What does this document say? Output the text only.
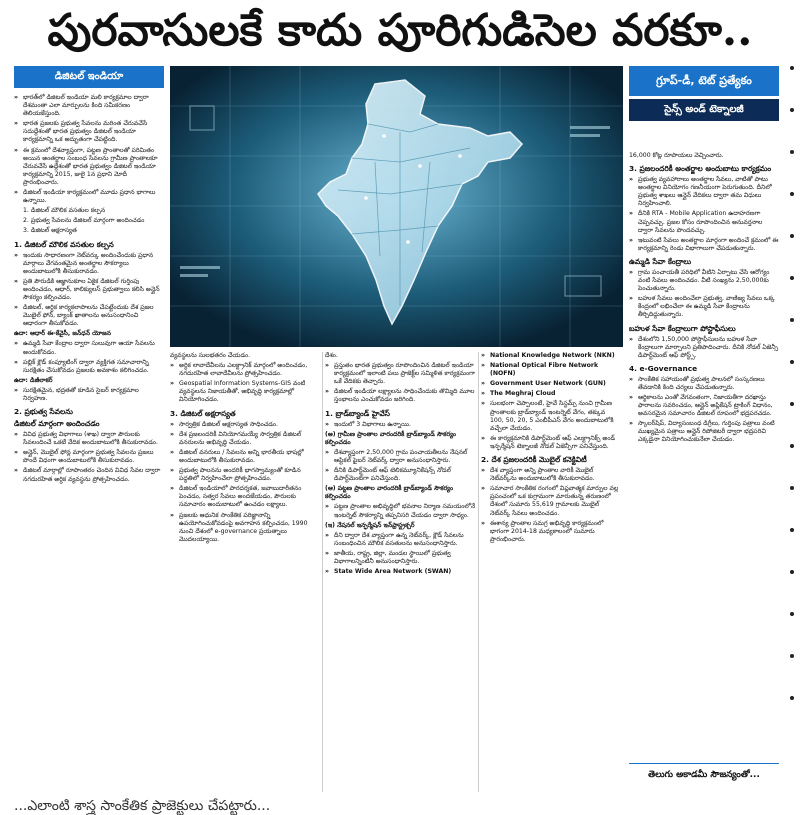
పురవాసులకే కాదు పూరిగుడిసెల వరకూ..
డిజిటల్‌ ఇండియా

» భారత్‌లో డిజిటల్‌ ఇండియా మలి కార్యక్రమాల ద్వారా దేశమంతా ఎలా మార్పులను కింది సమీకరణం తెలియజేస్తుంది.

» భారత ప్రజలకు ప్రభుత్వ సేవలను మరింత చేరువచేసే సదుద్దేశంతో భారత ప్రభుత్వం డిజిటల్‌ ఇండియా కార్యక్రమాన్ని ఒక అద్భుతంగా చేపట్టింది.

» ఈ క్రమంలో దేశవ్యాప్తంగా, పట్టణ ప్రాంతాలతో పరిమితం అయిన అంతర్జాల సంబంధ సేవలను గ్రామీణ ప్రాంతాలకూ చేరువచేసే ఉద్దేశంతో భారత ప్రభుత్వం డిజిటల్‌ ఇండియా కార్యక్రమాన్ని 2015, జులై 1న ప్రధాని మోదీ ప్రారంభించారు.

» డిజిటల్‌ ఇండియా కార్యక్రమంలో మూడు ప్రధాన భాగాలు ఉన్నాయి.

1. డిజిటల్‌ మౌలిక వసతుల కల్పన

2. ప్రభుత్వ సేవలను డిజిటల్‌ మార్గంగా అందించడం

3. డిజిటల్‌ అక్షరాస్యత

1. డిజిటల్‌ మౌలిక వసతుల కల్పన

» ఇందుకు సాధారణంగా నెట్‌వర్కు అందించేందుకు ప్రధాన మార్గాలు వేగవంతమైన అంతర్జాల సౌకర్యాలు అందుబాటులోకి తీసుకురావడం.

» ప్రతి పౌరుడికి ఆజ్ఞానుకూల ఏకైక డిజిటల్‌ గుర్తింపు అందించడం, ఆధార్‌, కాలిక్యులస్‌ ప్రభుత్వాలు కలిసి అన్లైన్‌ సౌకర్యం కల్పించడం.

» డిజిటల్‌, అర్ధిక కార్యకలాపాలను చేపట్టేందుకు దేశ ప్రజల మొబైల్‌ ఫోన్‌, బ్యాంక్‌ ఖాతాలను అనుసంధానించి ఆధారంగా తీసుకోవడం.

ఉదా: ఆధార్‌ ఈ-కేవైసీ, జన్‌ధన్‌ యోజన

» ఉమ్మడి సేవా కేంద్రాల ద్వారా సులువుగా ఆయా సేవలను అందుకోవడం.

» పబ్లిక్‌ క్లౌడ్‌ కంప్యూటింగ్‌ ద్వారా వ్యక్తిగత సమాచారాన్ని సురక్షితం చేసుకోవడం ప్రజలకు అవకాశం కలిగించడం.

ఉదా: డిజీలాకర్‌

» సురక్షితమైన, భద్రతతో కూడిన సైబర్‌ కార్యక్రమాల నిర్వహణ.

2. ప్రభుత్వ సేవలను
డిజిటల్‌ మార్గంగా అందించడం

» వివిధ ప్రభుత్వ విభాగాలు (శాఖ) ద్వారా పౌరులకు సేవలందించే ఒకటే వేదిక అందుబాటులోకి తీసుకురావడం.

» అన్లైన్‌, మొబైల్‌ ఫోన్ల మార్గంగా ప్రభుత్వ సేవలను ప్రజలు పొందే విధంగా అందుబాటులోకి తీసుకురావడం.

» డిజిటల్‌ మార్గాల్లో రూపాంతరం చెందిన వివిధ సేవల ద్వారా నగదురహిత అర్ధిక వ్యవస్థను ప్రోత్సహించడం.

వ్యవస్థలను సులభతరం చేయడం.

» అర్ధిక లావాదేవీలను ఎలక్ట్రానిక్‌ మార్గంలో అందించడం, నగదురహిత లావాదేవీలను ప్రోత్సహించడం.

» Geospatial Information Systems-GIS వంటి వ్యవస్థలను నిజాయతీతో, అభివృద్ధి కార్యక్రమాల్లో వినియోగించడం.

3. డిజిటల్‌ అక్షరాస్యత

» సార్వత్రిక డిజిటల్‌ అక్షరాస్యత సాధించడం.

» దేశ ప్రజలందరికీ వినియోగమయ్యే సార్వత్రిక డిజిటల్‌ వనరులను అభివృద్ధి చేయడం.

» డిజిటల్‌ వనరులు / సేవలను అన్ని భారతీయ భాషల్లో అందుబాటులోకి తీసుకురావడం.

» ప్రభుత్వ పాలనను అందరికీ భాగస్వామ్యంతో కూడిన పద్ధతిలో నిర్వహించేలా ప్రోత్సహించడం.

» డిజిటల్‌ ఇండియాలో పారదర్శకత, జవాబుదారీతనం పెంచడం, సత్వర సేవలు అందజేయడం, పౌరులకు సమాచారం అందుబాటులో ఉంచడం లక్ష్యాలు.

» ప్రజలకు ఆధునిక సాంకేతిక పరిజ్ఞానాన్ని ఉపయోగించుకోవడంపై అవగాహన కల్పించడం, 1990 నుంచి దేశంలో e-governance ప్రయత్నాలు మొదలయ్యాయి.

దేశం.

» ప్రస్తుతం భారత ప్రభుత్వం రూపొందించిన డిజిటల్‌ ఇండియా కార్యక్రమంలో ఇలాంటి పలు ప్రాజెక్ట్‌ల సమ్మిళిత కార్యక్రమంగా ఒకే వేదికకు తెచ్చారు.

» డిజిటల్‌ ఇండియా లక్ష్యాలను సాధించేందుకు తొమ్మిది మూల స్తంభాలను ఎంచుకోవడం జరిగింది.

1. బ్రాడ్‌బ్యాండ్‌ హైవేస్‌

» ఇందులో 3 విభాగాలు ఉన్నాయి.

(అ) గ్రామీణ ప్రాంతాల వారందరికీ బ్రాడ్‌బ్యాండ్‌ సౌకర్యం కల్పించడం

» దేశవ్యాప్తంగా 2,50,000 గ్రామ పంచాయతీలను నేషనల్‌ ఆప్టికల్‌ ఫైబర్‌ నెట్‌వర్క్‌ ద్వారా అనుసంధానిస్తారు.

» దీనికి డిపార్ట్‌మెంట్‌ ఆఫ్‌ టెలికమ్యూనికేషన్స్‌ నోడల్‌ డిపార్ట్‌మెంట్‌గా పనిచేస్తుంది.

(ఆ) పట్టణ ప్రాంతాల వారందరికీ బ్రాడ్‌బ్యాండ్‌ సౌకర్యం కల్పించడం

» పట్టణ ప్రాంతాల అభివృద్ధిలో భవనాల నిర్మాణ సమయంలోనే ఇంటర్నెట్‌ సౌకర్యాన్ని తప్పనిసరి చేయడం ద్వారా సాధ్యం.

(ఇ) నేషనల్‌ ఇన్ఫర్మేషన్‌ ఇన్‌ఫ్రాస్ట్రక్చర్‌

» దీని ద్వారా దేశ వ్యాప్తంగా ఉన్న నెట్‌వర్క్‌, క్లౌడ్‌ సేవలను సంబంధించిన మౌలిక వసతులను అనుసంధానిస్తారు.

» జాతీయ, రాష్ట్ర, జిల్లా, మండల స్థాయిలో ప్రభుత్వ విభాగాలన్నింటినీ అనుసంధానిస్తారు.

» State Wide Area Network (SWAN)

» National Knowledge Network (NKN)

» National Optical Fibre Network (NOFN)

» Government User Network (GUN)

» The Meghraj Cloud

» సులభంగా చెప్పాలంటే, హైవే సిస్టమ్స్‌ నుంచి గ్రామీణ ప్రాంతాలకు బ్రాడ్‌బ్యాండ్‌ ఇంటర్నెట్‌ వేగం, తక్కువ 100, 50, 20, 5 ఎంబీపీఎస్‌ వేగం అందుబాటులోకి వచ్చేలా చేయడం.

» ఈ కార్యక్రమానికి డిపార్ట్‌మెంట్‌ ఆఫ్‌ ఎలక్ట్రానిక్స్‌ అండ్‌ ఇన్ఫర్మేషన్‌ టెక్నాలజీ నోడల్‌ ఏజెన్సీగా పనిచేస్తుంది.

2. దేశ ప్రజలందరికీ మొబైల్‌ కనెక్టివిటీ

» దేశ వ్యాప్తంగా అన్ని ప్రాంతాల వారికీ మొబైల్‌ నెట్‌వర్క్‌ను అందుబాటులోకి తీసుకురావడం.

» సమాచార సాంకేతిక రంగంలో విప్లవాత్మక మార్పుల వల్ల ప్రపంచంలో ఒక కుగ్రామంగా మారుతున్న తరుణంలో దేశంలో సుమారు 55,619 గ్రామాలకు మొబైల్‌ నెట్‌వర్క్‌ సేవలు అందించడం.

» ఈశాన్య ప్రాంతాల సమగ్ర అభివృద్ధి కార్యక్రమంలో భాగంగా 2014-18 మధ్యకాలంలో సుమారు ప్రారంభించారు.

గ్రూప్‌-డీ, టెట్‌ ప్రత్యేకం
సైన్స్‌ అండ్‌ టెక్నాలజీ

16,000 కోట్ల రూపాయలు వెచ్చించారు.

3. ప్రజలందరికీ అంతర్జాల అందుబాటు కార్యక్రమం

» ప్రభుత్వ వ్యవహారాలు అంతర్జాల సేవలు, వాటితో పాటు అంతర్జాల వినియోగం గణనీయంగా పెరుగుతుంది. దీనిలో ప్రభుత్వ శాఖలు ఆన్లైన్‌ వేదికలు ద్వారా తమ విధులు నిర్వహించాలి.

» దీనికి RTA - Mobile Application ఉదాహరణగా చెప్పవచ్చు. ప్రజల కోసం రూపొందించిన అనువర్తనాల ద్వారా సేవలను పొందవచ్చు.

» ఇటువంటి సేవలు అంతర్జాల మార్గంగా అందించే క్రమంలో ఈ కార్యక్రమాన్ని రెండు విభాగాలుగా చేపడుతున్నారు.

ఉమ్మడి సేవా కేంద్రాలు

» గ్రామ పంచాయతీ పరిధిలో వీటిని ఏర్పాటు చేసి ఆరోగ్యం వంటి సేవలు అందించడం. వీటి సంఖ్యను 2,50,000కు పెంచుతున్నారు.

» బహుళ సేవలు అందించేలా ప్రభుత్వ, వాణిజ్య సేవలు ఒక్క కేంద్రంలో లభించేలా ఈ ఉమ్మడి సేవా కేంద్రాలను తీర్చిదిద్దుతున్నారు.

బహుళ సేవా కేంద్రాలుగా పోస్టాఫీసులు

» దేశంలోని 1,50,000 పోస్టాఫీసులను బహుళ సేవా కేంద్రాలుగా మార్చాలని ప్రతిపాదించారు. దీనికి నోడల్‌ ఏజెన్సీ డిపార్ట్‌మెంట్‌ ఆఫ్‌ పోస్ట్స్‌.

4. e-Governance

» సాంకేతిక సహాయంతో ప్రభుత్వ పాలనలో సంస్కరణలు తేవడానికి కింది చర్యలు చేపడుతున్నారు.

» ఆర్థికాలను ఎంతో వేగవంతంగా, నిజాయతీగా దరఖాస్తు ఫారాలను సవరించడం, ఆన్లైన్‌ అప్లికేషన్‌ ట్రాకింగ్‌ విధానం, అవసరమైన సమాచారం డిజిటల్‌ రూపంలో భద్రపరచడం.

» స్కాలర్‌షిప్‌, విద్యాసంబంధ డిగ్రీలు, గుర్తింపు పత్రాలు వంటి ముఖ్యమైన పత్రాలు ఆన్లైన్‌ రిపోజిటరీ ద్వారా భద్రపరిచి ఎక్కడైనా వినియోగించుకునేలా చేయడం.

తెలుగు అకాడమీ సౌజన్యంతో...
...ఎలాంటి శాస్త్ర సాంకేతిక ప్రాజెక్టులు చేపట్టారు...
